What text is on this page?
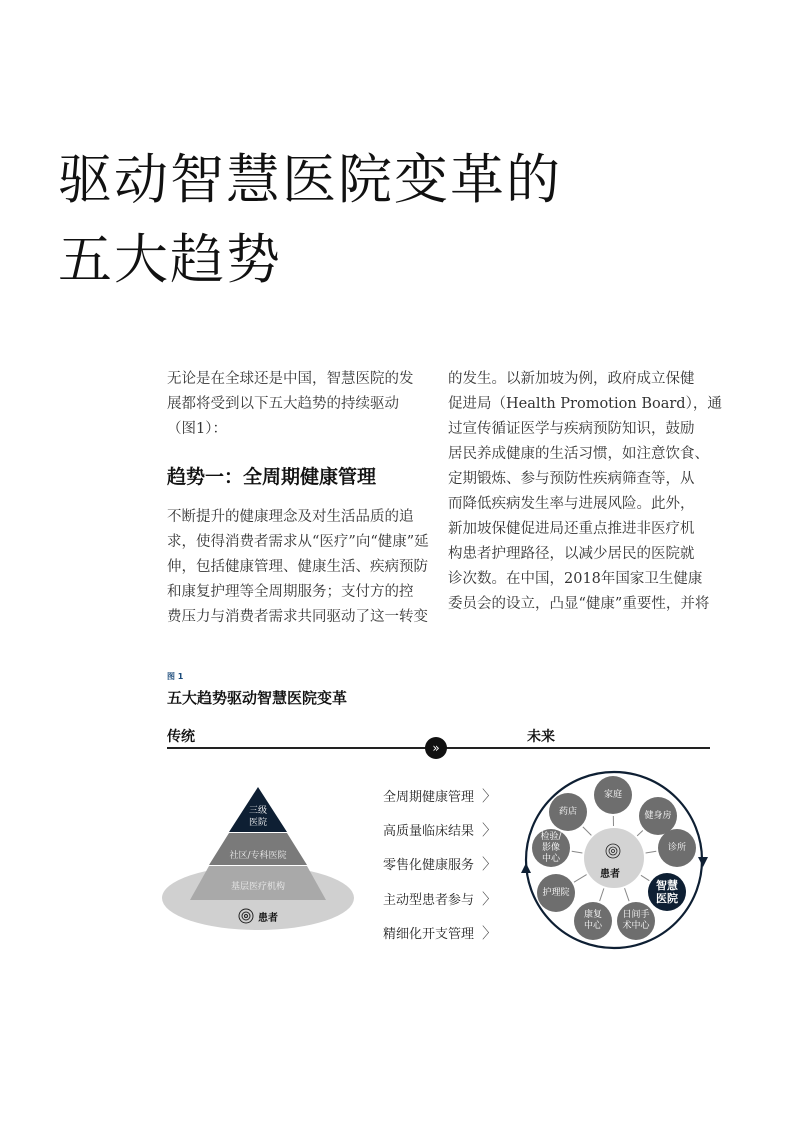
驱动智慧医院变革的
五大趋势
无论是在全球还是中国，智慧医院的发
展都将受到以下五大趋势的持续驱动
（图1）：
趋势一：全周期健康管理
不断提升的健康理念及对生活品质的追
求，使得消费者需求从“医疗”向“健康”延
伸，包括健康管理、健康生活、疾病预防
和康复护理等全周期服务；支付方的控
费压力与消费者需求共同驱动了这一转变
的发生。以新加坡为例，政府成立保健
促进局（Health Promotion Board），通
过宣传循证医学与疾病预防知识，鼓励
居民养成健康的生活习惯，如注意饮食、
定期锻炼、参与预防性疾病筛查等，从
而降低疾病发生率与进展风险。此外，
新加坡保健促进局还重点推进非医疗机
构患者护理路径，以减少居民的医院就
诊次数。在中国，2018年国家卫生健康
委员会的设立，凸显“健康”重要性，并将
图 1
五大趋势驱动智慧医院变革
传统	未来
»
三级
医院
社区/专科医院
基层医疗机构
患者
全周期健康管理 〉
高质量临床结果 〉
零售化健康服务 〉
主动型患者参与 〉
精细化开支管理 〉
患者
家庭
药店	健身房
诊所
检验/
影像
中心
智慧
医院
护理院
康复
中心
日间手
术中心
